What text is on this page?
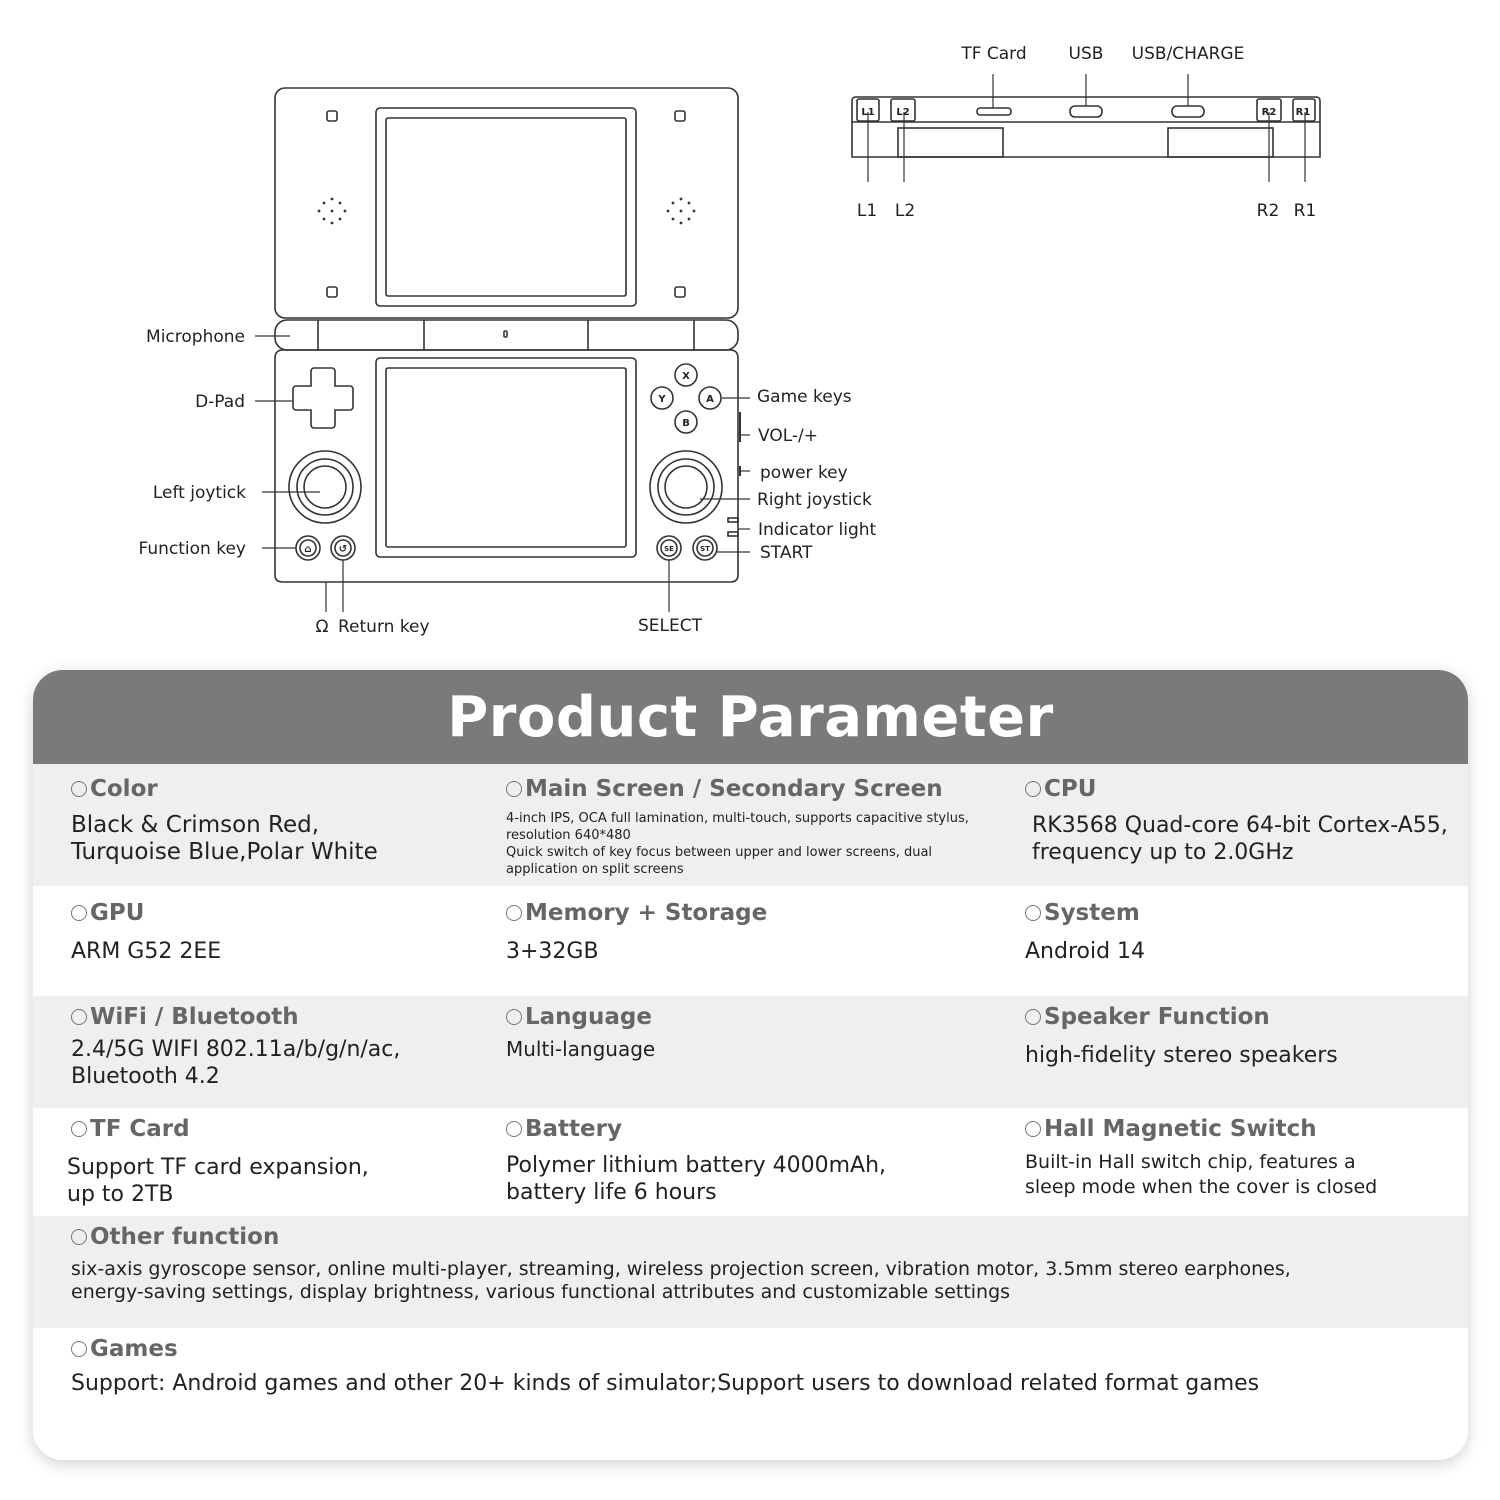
X
Y	A
B
SE	ST
⌂	↺
L1 L2	R2 R1
Microphone
D-Pad
Left joytick
Function key
Ω Return key	SELECT
Game keys
VOL-/+
power key
Right joystick
Indicator light
START
TF Card USB USB/CHARGE
L1 L2	R2 R1
Product Parameter
Color
Black & Crimson Red,
Turquoise Blue,Polar White
Main Screen / Secondary Screen
4-inch IPS, OCA full lamination, multi-touch, supports capacitive stylus,
resolution 640*480
Quick switch of key focus between upper and lower screens, dual
application on split screens
CPU
RK3568 Quad-core 64-bit Cortex-A55,
frequency up to 2.0GHz
GPU
ARM G52 2EE
Memory + Storage
3+32GB
System
Android 14
WiFi / Bluetooth
2.4/5G WIFI 802.11a/b/g/n/ac,
Bluetooth 4.2
Language
Multi-language
Speaker Function
high-fidelity stereo speakers
TF Card
Support TF card expansion,
up to 2TB
Battery
Polymer lithium battery 4000mAh,
battery life 6 hours
Hall Magnetic Switch
Built-in Hall switch chip, features a
sleep mode when the cover is closed
Other function
six-axis gyroscope sensor, online multi-player, streaming, wireless projection screen, vibration motor, 3.5mm stereo earphones,
energy-saving settings, display brightness, various functional attributes and customizable settings
Games
Support: Android games and other 20+ kinds of simulator;Support users to download related format games
